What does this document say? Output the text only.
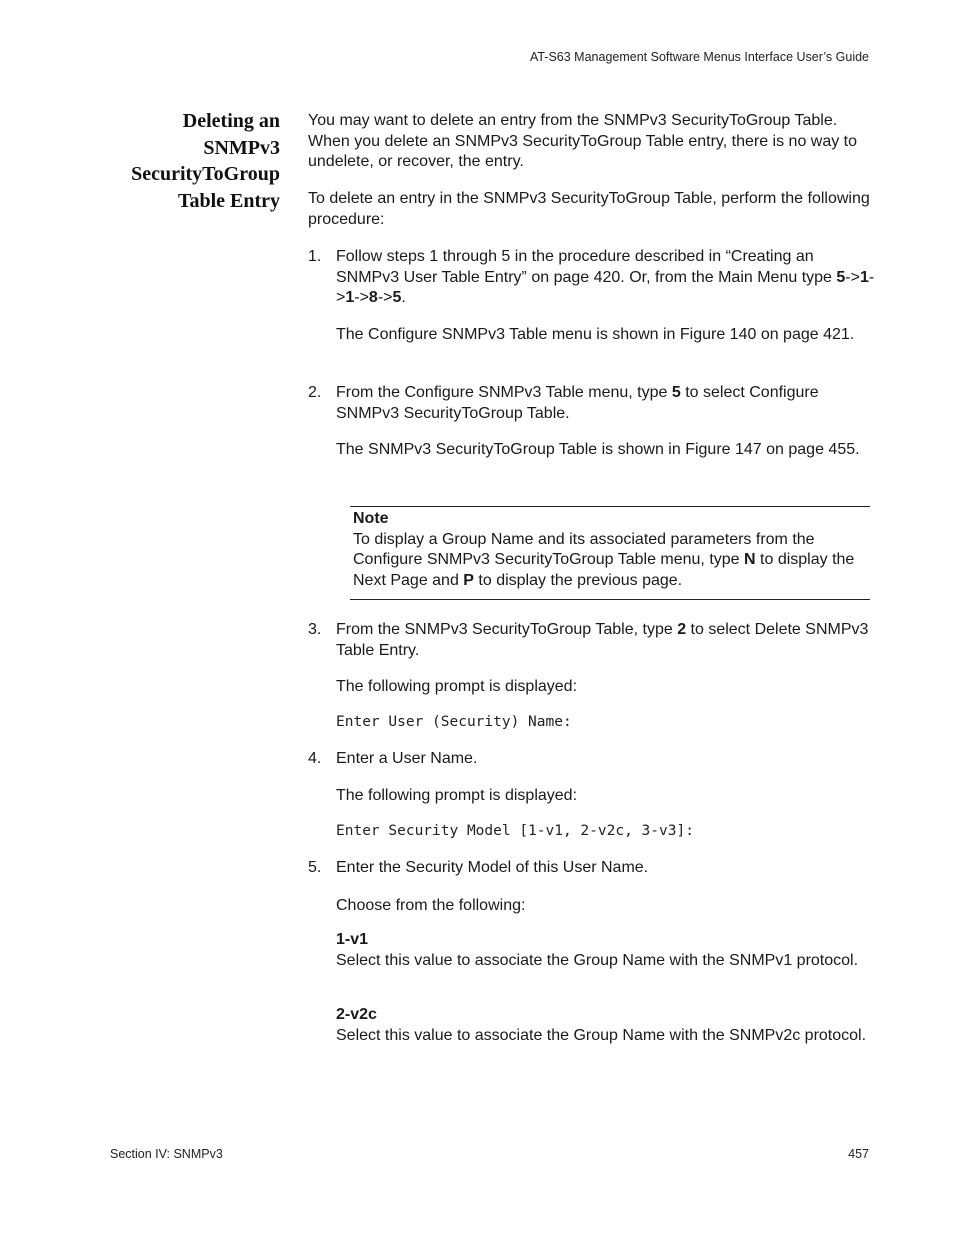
AT-S63 Management Software Menus Interface User’s Guide
Deleting an
SNMPv3
SecurityToGroup
Table Entry
You may want to delete an entry from the SNMPv3 SecurityToGroup Table. When you delete an SNMPv3 SecurityToGroup Table entry, there is no way to undelete, or recover, the entry.
To delete an entry in the SNMPv3 SecurityToGroup Table, perform the following procedure:
1. Follow steps 1 through 5 in the procedure described in “Creating an SNMPv3 User Table Entry” on page 420. Or, from the Main Menu type 5->1->1->8->5.
The Configure SNMPv3 Table menu is shown in Figure 140 on page 421.
2. From the Configure SNMPv3 Table menu, type 5 to select Configure SNMPv3 SecurityToGroup Table.
The SNMPv3 SecurityToGroup Table is shown in Figure 147 on page 455.
Note
To display a Group Name and its associated parameters from the Configure SNMPv3 SecurityToGroup Table menu, type N to display the Next Page and P to display the previous page.
3. From the SNMPv3 SecurityToGroup Table, type 2 to select Delete SNMPv3 Table Entry.
The following prompt is displayed:
Enter User (Security) Name:
4. Enter a User Name.
The following prompt is displayed:
Enter Security Model [1-v1, 2-v2c, 3-v3]:
5. Enter the Security Model of this User Name.
Choose from the following:
1-v1
Select this value to associate the Group Name with the SNMPv1 protocol.
2-v2c
Select this value to associate the Group Name with the SNMPv2c protocol.
Section IV: SNMPv3	457
